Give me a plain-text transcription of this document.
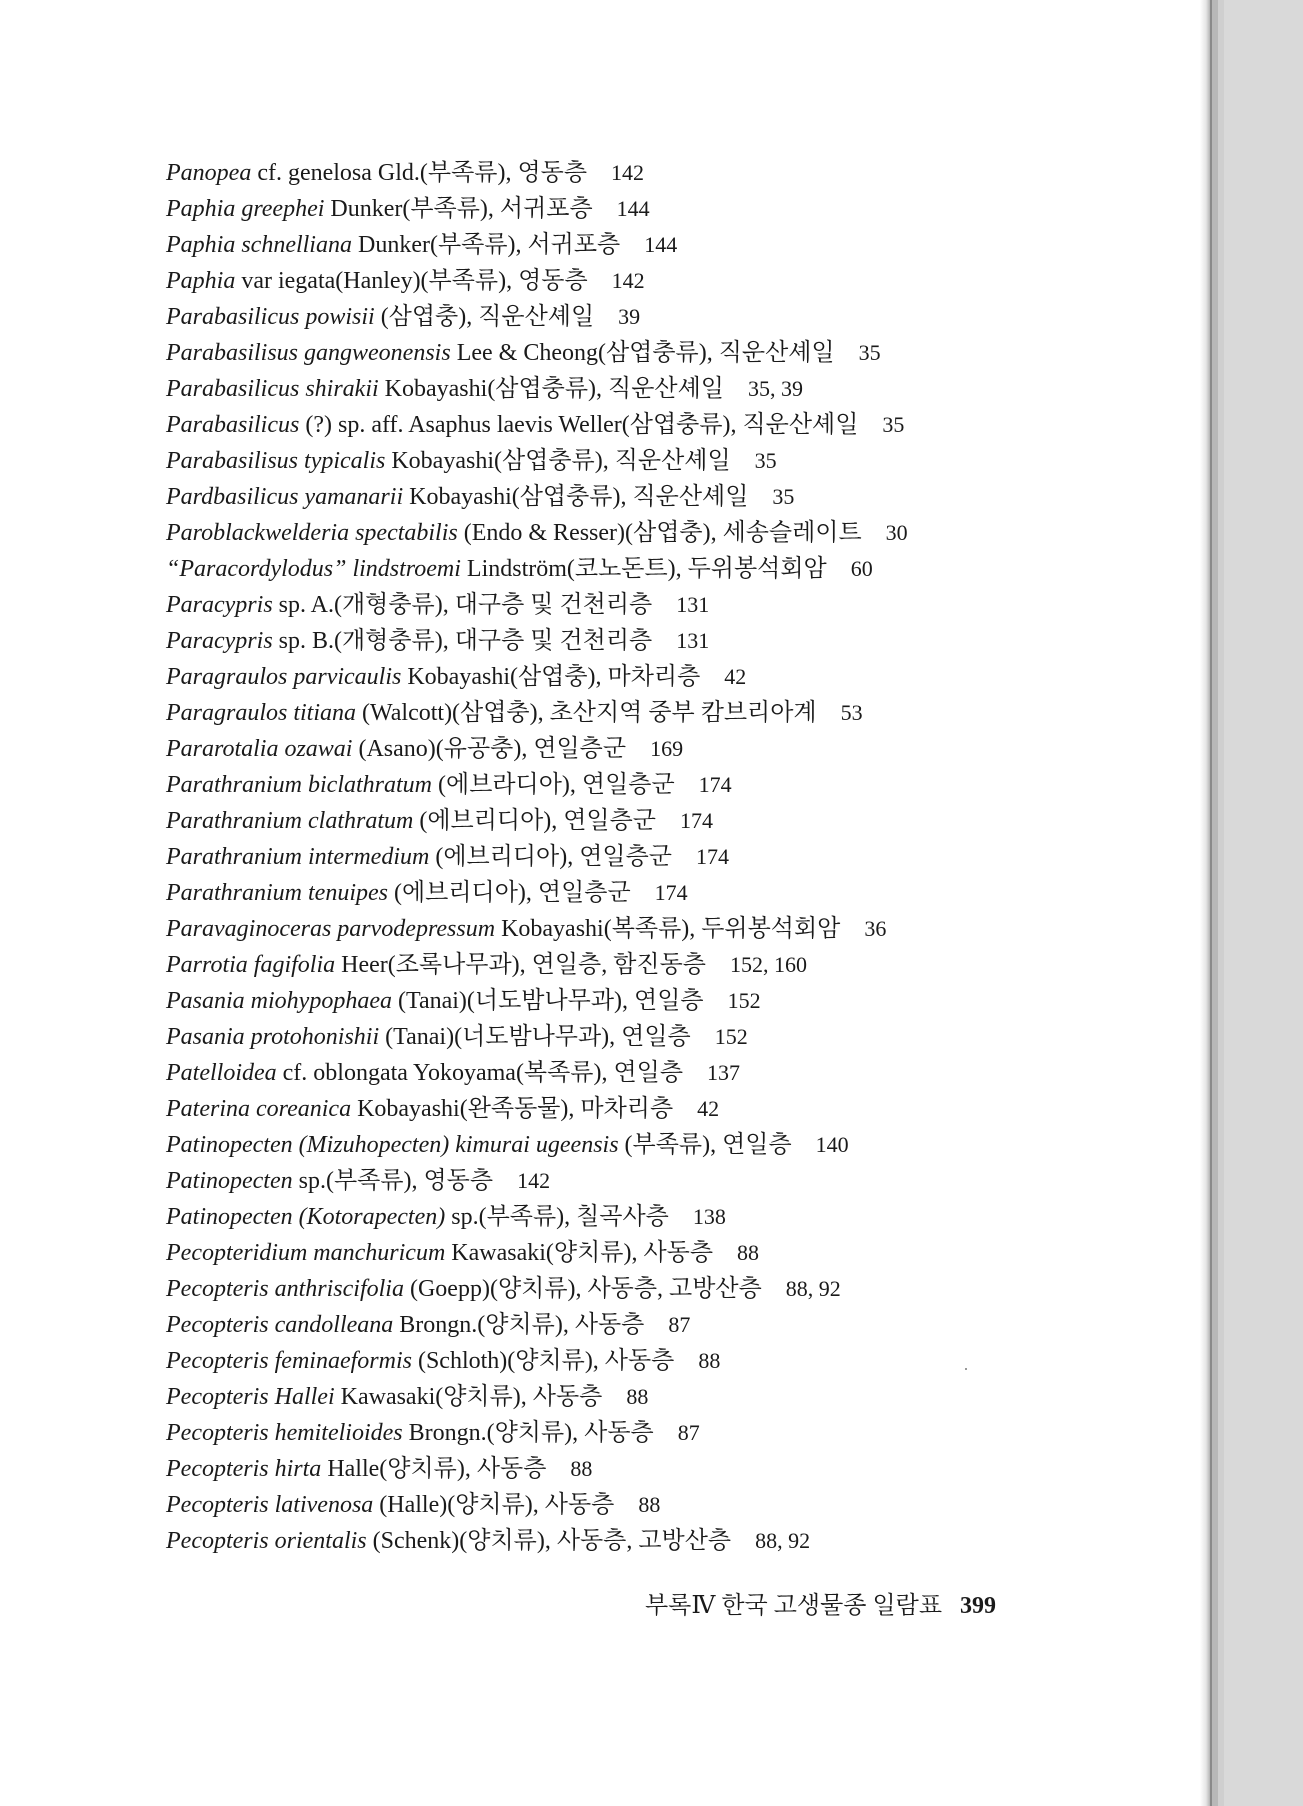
Panopea cf. genelosa Gld.(부족류), 영동층 142
Paphia greephei Dunker(부족류), 서귀포층 144
Paphia schnelliana Dunker(부족류), 서귀포층 144
Paphia var iegata(Hanley)(부족류), 영동층 142
Parabasilicus powisii (삼엽충), 직운산셰일 39
Parabasilisus gangweonensis Lee & Cheong(삼엽충류), 직운산셰일 35
Parabasilicus shirakii Kobayashi(삼엽충류), 직운산셰일 35, 39
Parabasilicus (?) sp. aff. Asaphus laevis Weller(삼엽충류), 직운산셰일 35
Parabasilisus typicalis Kobayashi(삼엽충류), 직운산셰일 35
Pardbasilicus yamanarii Kobayashi(삼엽충류), 직운산셰일 35
Paroblackwelderia spectabilis (Endo & Resser)(삼엽충), 세송슬레이트 30
“Paracordylodus” lindstroemi Lindström(코노돈트), 두위봉석회암 60
Paracypris sp. A.(개형충류), 대구층 및 건천리층 131
Paracypris sp. B.(개형충류), 대구층 및 건천리층 131
Paragraulos parvicaulis Kobayashi(삼엽충), 마차리층 42
Paragraulos titiana (Walcott)(삼엽충), 초산지역 중부 캄브리아계 53
Pararotalia ozawai (Asano)(유공충), 연일층군 169
Parathranium biclathratum (에브라디아), 연일층군 174
Parathranium clathratum (에브리디아), 연일층군 174
Parathranium intermedium (에브리디아), 연일층군 174
Parathranium tenuipes (에브리디아), 연일층군 174
Paravaginoceras parvodepressum Kobayashi(복족류), 두위봉석회암 36
Parrotia fagifolia Heer(조록나무과), 연일층, 함진동층 152, 160
Pasania miohypophaea (Tanai)(너도밤나무과), 연일층 152
Pasania protohonishii (Tanai)(너도밤나무과), 연일층 152
Patelloidea cf. oblongata Yokoyama(복족류), 연일층 137
Paterina coreanica Kobayashi(완족동물), 마차리층 42
Patinopecten (Mizuhopecten) kimurai ugeensis (부족류), 연일층 140
Patinopecten sp.(부족류), 영동층 142
Patinopecten (Kotorapecten) sp.(부족류), 칠곡사층 138
Pecopteridium manchuricum Kawasaki(양치류), 사동층 88
Pecopteris anthriscifolia (Goepp)(양치류), 사동층, 고방산층 88, 92
Pecopteris candolleana Brongn.(양치류), 사동층 87
Pecopteris feminaeformis (Schloth)(양치류), 사동층 88
Pecopteris Hallei Kawasaki(양치류), 사동층 88
Pecopteris hemitelioides Brongn.(양치류), 사동층 87
Pecopteris hirta Halle(양치류), 사동층 88
Pecopteris lativenosa (Halle)(양치류), 사동층 88
Pecopteris orientalis (Schenk)(양치류), 사동층, 고방산층 88, 92
부록Ⅳ 한국 고생물종 일람표 399
